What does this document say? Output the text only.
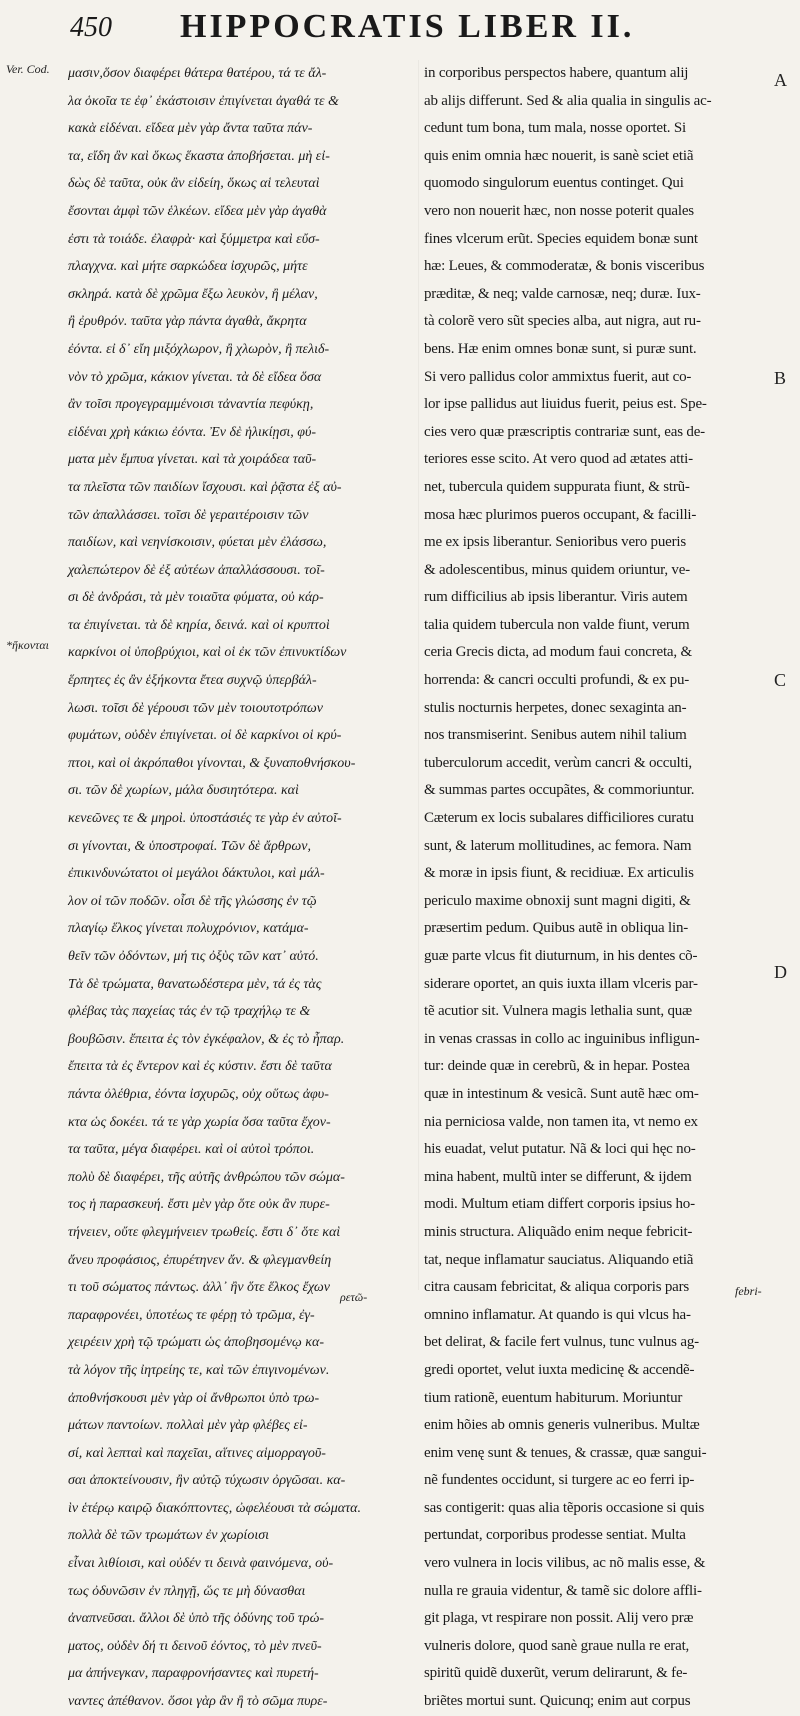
450 HIPPOCRATIS LIBER II.
Ver. Cod.
*ἥκονται
μασιν,ὅσον διαφέρει θάτερα θατέρου, τά τε ἄλ-
λα ὁκοῖα τε ἐφ᾽ ἑκάστοισιν ἐπιγίνεται ἀγαθά τε &
κακὰ εἰδέναι. εἴδεα μὲν γὰρ ἄντα ταῦτα πάν-
τα, εἴδη ἂν καὶ ὅκως ἕκαστα ἀποβήσεται. μὴ εἰ-
δὼς δὲ ταῦτα, οὐκ ἂν εἰδείη, ὅκως αἱ τελευταὶ
ἔσονται ἀμφὶ τῶν ἑλκέων. εἴδεα μὲν γὰρ ἀγαθὰ
ἐστι τὰ τοιάδε. ἐλαφρὰ· καὶ ξύμμετρα καὶ εὔσ-
πλαγχνα. καὶ μήτε σαρκώδεα ἰσχυρῶς, μήτε
σκληρά. κατὰ δὲ χρῶμα ἔξω λευκὸν, ἢ μέλαν,
ἢ ἐρυθρόν. ταῦτα γὰρ πάντα ἀγαθὰ, ἄκρητα
ἐόντα. εἰ δ᾽ εἴη μιξόχλωρον, ἢ χλωρὸν, ἢ πελιδ-
νὸν τὸ χρῶμα, κάκιον γίνεται. τὰ δὲ εἴδεα ὅσα
ἂν τοῖσι προγεγραμμένοισι τἀναντία πεφύκῃ,
εἰδέναι χρὴ κάκιω ἐόντα. Ἐν δὲ ἡλικίῃσι, φύ-
ματα μὲν ἔμπυα γίνεται. καὶ τὰ χοιράδεα ταῦ-
τα πλεῖστα τῶν παιδίων ἴσχουσι. καὶ ῥᾷστα ἐξ αὐ-
τῶν ἀπαλλάσσει. τοῖσι δὲ γεραιτέροισιν τῶν
παιδίων, καὶ νεηνίσκοισιν, φύεται μὲν ἐλάσσω,
χαλεπώτερον δὲ ἐξ αὐτέων ἀπαλλάσσουσι. τοῖ-
σι δὲ ἀνδράσι, τὰ μὲν τοιαῦτα φύματα, οὐ κάρ-
τα ἐπιγίνεται. τὰ δὲ κηρία, δεινά. καὶ οἱ κρυπτοὶ
καρκίνοι οἱ ὑποβρύχιοι, καὶ οἱ ἐκ τῶν ἐπινυκτίδων
ἕρπητες ἐς ἂν ἑξήκοντα ἔτεα συχνῷ ὑπερβάλ-
λωσι. τοῖσι δὲ γέρουσι τῶν μὲν τοιουτοτρόπων
φυμάτων, οὐδὲν ἐπιγίνεται. οἱ δὲ καρκίνοι οἱ κρύ-
πτοι, καὶ οἱ ἀκρόπαθοι γίνονται, & ξυναποθνήσκου-
σι. τῶν δὲ χωρίων, μάλα δυσιητότερα. καὶ
κενεῶνες τε & μηροὶ. ὑποστάσιές τε γὰρ ἐν αὐτοῖ-
σι γίνονται, & ὑποστροφαί. Τῶν δὲ ἄρθρων,
ἐπικινδυνώτατοι οἱ μεγάλοι δάκτυλοι, καὶ μάλ-
λον οἱ τῶν ποδῶν. οἷσι δὲ τῆς γλώσσης ἐν τῷ
πλαγίῳ ἕλκος γίνεται πολυχρόνιον, κατάμα-
θεῖν τῶν ὀδόντων, μή τις ὀξὺς τῶν κατ᾽ αὐτό.
Τὰ δὲ τρώματα, θανατωδέστερα μὲν, τά ἐς τὰς
φλέβας τὰς παχείας τάς ἐν τῷ τραχήλῳ τε &
βουβῶσιν. ἔπειτα ἐς τὸν ἐγκέφαλον, & ἐς τὸ ἧπαρ.
ἔπειτα τὰ ἐς ἔντερον καὶ ἐς κύστιν. ἔστι δὲ ταῦτα
πάντα ὀλέθρια, ἐόντα ἰσχυρῶς, οὐχ οὕτως ἀφυ-
κτα ὡς δοκέει. τά τε γὰρ χωρία ὅσα ταῦτα ἔχον-
τα ταῦτα, μέγα διαφέρει. καὶ οἱ αὐτοὶ τρόποι.
πολὺ δὲ διαφέρει, τῆς αὐτῆς ἀνθρώπου τῶν σώμα-
τος ἡ παρασκευή. ἔστι μὲν γὰρ ὅτε οὐκ ἂν πυρε-
τήνειεν, οὔτε φλεγμήνειεν τρωθείς. ἔστι δ᾽ ὅτε καὶ
ἄνευ προφάσιος, ἐπυρέτηνεν ἄν. & φλεγμανθείη
τι τοῦ σώματος πάντως. ἀλλ᾽ ἢν ὅτε ἕλκος ἔχων
παραφρονέει, ὑποτέως τε φέρῃ τὸ τρῶμα, ἐγ-
χειρέειν χρὴ τῷ τρώματι ὡς ἀποβησομένῳ κα-
τὰ λόγον τῆς ἰητρείης τε, καὶ τῶν ἐπιγινομένων.
ἀποθνήσκουσι μὲν γὰρ οἱ ἄνθρωποι ὑπὸ τρω-
μάτων παντοίων. πολλαὶ μὲν γὰρ φλέβες εἰ-
σί, καὶ λεπταὶ καὶ παχεῖαι, αἵτινες αἱμορραγοῦ-
σαι ἀποκτείνουσιν, ἢν αὐτῷ τύχωσιν ὀργῶσαι. κα-
ὶν ἑτέρῳ καιρῷ διακόπτοντες, ὠφελέουσι τὰ σώματα.
πολλὰ δὲ τῶν τρωμάτων ἐν χωρίοισι
εἶναι λιθίοισι, καὶ οὐδέν τι δεινὰ φαινόμενα, οὐ-
τως ὀδυνῶσιν ἐν πληγῇ, ὥς τε μὴ δύνασθαι
ἀναπνεῦσαι. ἄλλοι δὲ ὑπὸ τῆς ὀδύνης τοῦ τρώ-
ματος, οὐδὲν δή τι δεινοῦ ἐόντος, τὸ μὲν πνεῦ-
μα ἀπήνεγκαν, παραφρονήσαντες καὶ πυρετή-
ναντες ἀπέθανον. ὅσοι γὰρ ἂν ἢ τὸ σῶμα πυρε-
in corporibus perspectos habere, quantum alij
ab alijs differunt. Sed & alia qualia in singulis ac-
cedunt tum bona, tum mala, nosse oportet. Si
quis enim omnia hæc nouerit, is sanè sciet etiã
quomodo singulorum euentus continget. Qui
vero non nouerit hæc, non nosse poterit quales
fines vlcerum erũt. Species equidem bonæ sunt
hæ: Leues, & commoderatæ, & bonis visceribus
præditæ, & neq; valde carnosæ, neq; duræ. Iux-
tà colorẽ vero sũt species alba, aut nigra, aut ru-
bens. Hæ enim omnes bonæ sunt, si puræ sunt.
Si vero pallidus color ammixtus fuerit, aut co-
lor ipse pallidus aut liuidus fuerit, peius est. Spe-
cies vero quæ præscriptis contrariæ sunt, eas de-
teriores esse scito. At vero quod ad ætates atti-
net, tubercula quidem suppurata fiunt, & strũ-
mosa hæc plurimos pueros occupant, & facilli-
me ex ipsis liberantur. Senioribus vero pueris
& adolescentibus, minus quidem oriuntur, ve-
rum difficilius ab ipsis liberantur. Viris autem
talia quidem tubercula non valde fiunt, verum
ceria Grecis dicta, ad modum faui concreta, &
horrenda: & cancri occulti profundi, & ex pu-
stulis nocturnis herpetes, donec sexaginta an-
nos transmiserint. Senibus autem nihil talium
tuberculorum accedit, verùm cancri & occulti,
& summas partes occupãtes, & commoriuntur.
Cæterum ex locis subalares difficiliores curatu
sunt, & laterum mollitudines, ac femora. Nam
& moræ in ipsis fiunt, & recidiuæ. Ex articulis
periculo maxime obnoxij sunt magni digiti, &
præsertim pedum. Quibus autẽ in obliqua lin-
guæ parte vlcus fit diuturnum, in his dentes cõ-
siderare oportet, an quis iuxta illam vlceris par-
tẽ acutior sit. Vulnera magis lethalia sunt, quæ
in venas crassas in collo ac inguinibus infligun-
tur: deinde quæ in cerebrũ, & in hepar. Postea
quæ in intestinum & vesicã. Sunt autẽ hæc om-
nia perniciosa valde, non tamen ita, vt nemo ex
his euadat, velut putatur. Nã & loci qui hęc no-
mina habent, multũ inter se differunt, & ijdem
modi. Multum etiam differt corporis ipsius ho-
minis structura. Aliquãdo enim neque febricit-
tat, neque inflamatur sauciatus. Aliquando etiã
citra causam febricitat, & aliqua corporis pars
omnino inflamatur. At quando is qui vlcus ha-
bet delirat, & facile fert vulnus, tunc vulnus ag-
gredi oportet, velut iuxta medicinę & accendẽ-
tium rationẽ, euentum habiturum. Moriuntur
enim hõies ab omnis generis vulneribus. Multæ
enim venę sunt & tenues, & crassæ, quæ sangui-
nẽ fundentes occidunt, si turgere ac eo ferri ip-
sas contigerit: quas alia tẽporis occasione si quis
pertundat, corporibus prodesse sentiat. Multa
vero vulnera in locis vilibus, ac nõ malis esse, &
nulla re grauia videntur, & tamẽ sic dolore affli-
git plaga, vt respirare non possit. Alij vero præ
vulneris dolore, quod sanè graue nulla re erat,
spiritũ quidẽ duxerũt, verum delirarunt, & fe-
briẽtes mortui sunt. Quicunq; enim aut corpus
A
B
C
D
ρετῶ-	febri-
